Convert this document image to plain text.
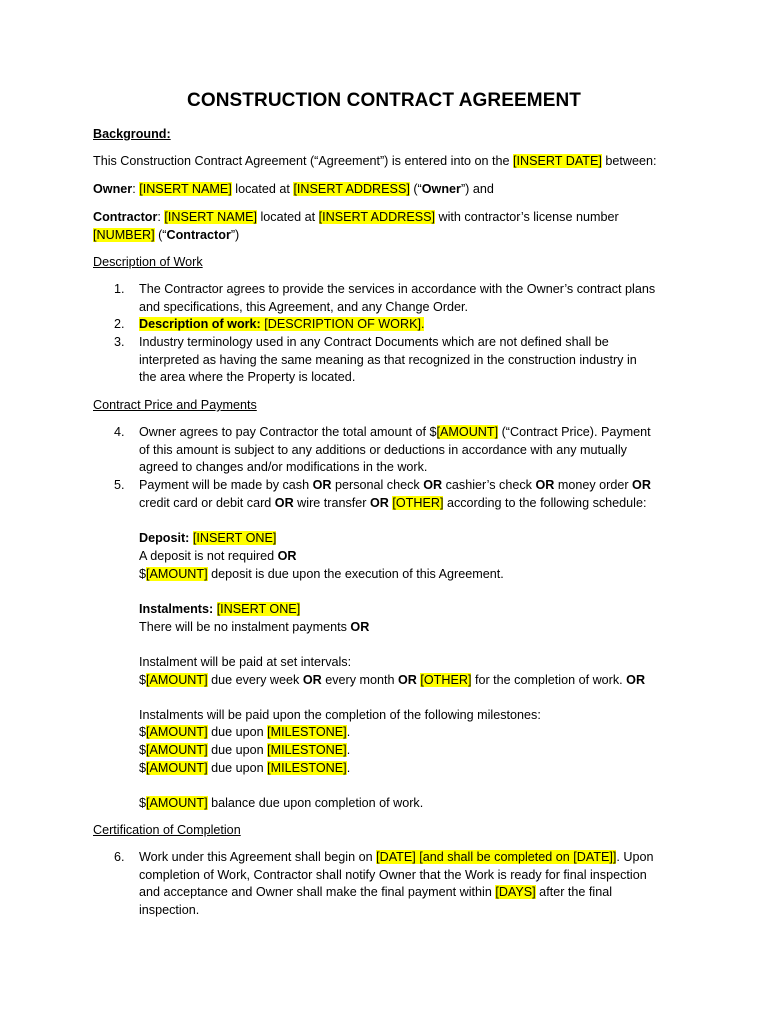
CONSTRUCTION CONTRACT AGREEMENT
Background:
This Construction Contract Agreement (“Agreement”) is entered into on the [INSERT DATE] between:
Owner: [INSERT NAME] located at [INSERT ADDRESS] (“Owner”) and
Contractor: [INSERT NAME] located at [INSERT ADDRESS] with contractor’s license number
[NUMBER] (“Contractor”)
Description of Work
1.	The Contractor agrees to provide the services in accordance with the Owner’s contract plans
and specifications, this Agreement, and any Change Order.
2.	Description of work: [DESCRIPTION OF WORK].
3.	Industry terminology used in any Contract Documents which are not defined shall be
interpreted as having the same meaning as that recognized in the construction industry in
the area where the Property is located.
Contract Price and Payments
4.	Owner agrees to pay Contractor the total amount of $[AMOUNT] (“Contract Price). Payment
of this amount is subject to any additions or deductions in accordance with any mutually
agreed to changes and/or modifications in the work.
5.	Payment will be made by cash OR personal check OR cashier’s check OR money order OR
credit card or debit card OR wire transfer OR [OTHER] according to the following schedule:
Deposit: [INSERT ONE]
A deposit is not required OR
$[AMOUNT] deposit is due upon the execution of this Agreement.
Instalments: [INSERT ONE]
There will be no instalment payments OR
Instalment will be paid at set intervals:
$[AMOUNT] due every week OR every month OR [OTHER] for the completion of work. OR
Instalments will be paid upon the completion of the following milestones:
$[AMOUNT] due upon [MILESTONE].
$[AMOUNT] due upon [MILESTONE].
$[AMOUNT] due upon [MILESTONE].
$[AMOUNT] balance due upon completion of work.
Certification of Completion
6.	Work under this Agreement shall begin on [DATE] [and shall be completed on [DATE]]. Upon
completion of Work, Contractor shall notify Owner that the Work is ready for final inspection
and acceptance and Owner shall make the final payment within [DAYS] after the final
inspection.
